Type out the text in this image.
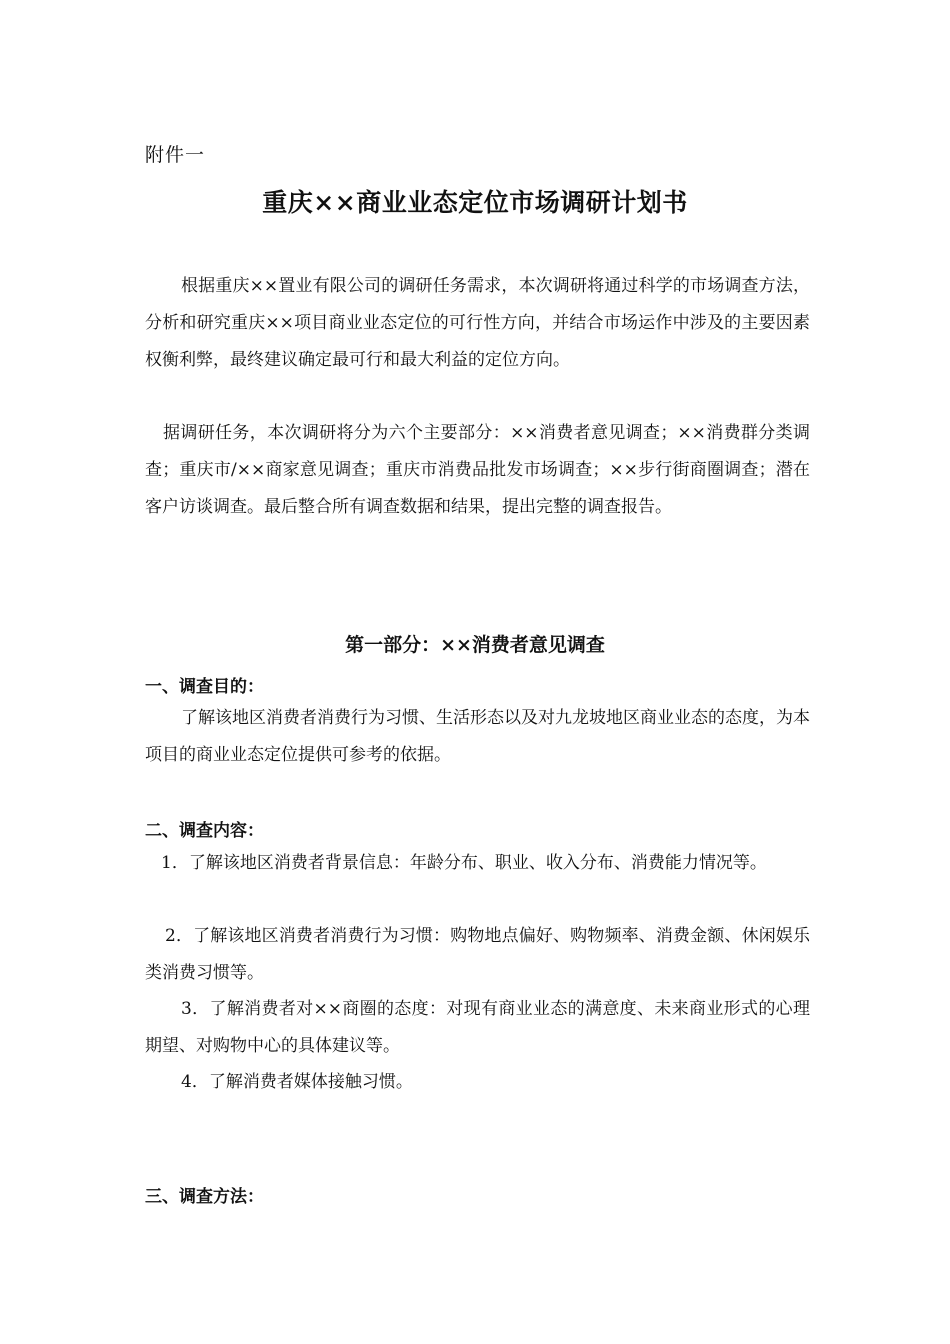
附件一
重庆××商业业态定位市场调研计划书

根据重庆××置业有限公司的调研任务需求，本次调研将通过科学的市场调查方法，分析和研究重庆××项目商业业态定位的可行性方向，并结合市场运作中涉及的主要因素权衡利弊，最终建议确定最可行和最大利益的定位方向。

据调研任务，本次调研将分为六个主要部分：××消费者意见调查；××消费群分类调查；重庆市/××商家意见调查；重庆市消费品批发市场调查；××步行街商圈调查；潜在客户访谈调查。最后整合所有调查数据和结果，提出完整的调查报告。

第一部分：××消费者意见调查
一、调查目的：

了解该地区消费者消费行为习惯、生活形态以及对九龙坡地区商业业态的态度，为本项目的商业业态定位提供可参考的依据。

二、调查内容：

1．了解该地区消费者背景信息：年龄分布、职业、收入分布、消费能力情况等。

2．了解该地区消费者消费行为习惯：购物地点偏好、购物频率、消费金额、休闲娱乐类消费习惯等。

3．了解消费者对××商圈的态度：对现有商业业态的满意度、未来商业形式的心理期望、对购物中心的具体建议等。

4．了解消费者媒体接触习惯。

三、调查方法：
